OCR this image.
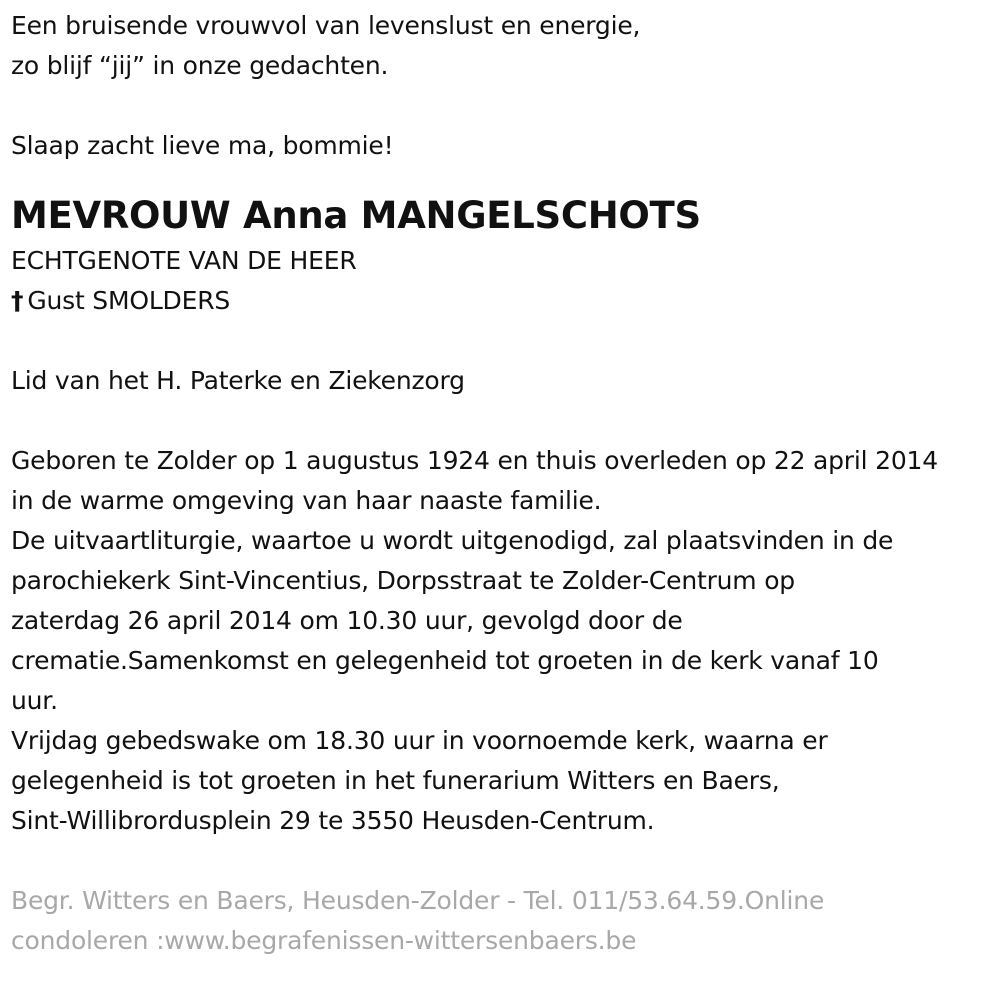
Een bruisende vrouwvol van levenslust en energie,
zo blijf “jij” in onze gedachten.
Slaap zacht lieve ma, bommie!
MEVROUW Anna MANGELSCHOTS
ECHTGENOTE VAN DE HEER
† Gust SMOLDERS
Lid van het H. Paterke en Ziekenzorg
Geboren te Zolder op 1 augustus 1924 en thuis overleden op 22 april 2014
in de warme omgeving van haar naaste familie.
De uitvaartliturgie, waartoe u wordt uitgenodigd, zal plaatsvinden in de
parochiekerk Sint-Vincentius, Dorpsstraat te Zolder-Centrum op
zaterdag 26 april 2014 om 10.30 uur, gevolgd door de
crematie.Samenkomst en gelegenheid tot groeten in de kerk vanaf 10
uur.
Vrijdag gebedswake om 18.30 uur in voornoemde kerk, waarna er
gelegenheid is tot groeten in het funerarium Witters en Baers,
Sint-Willibrordusplein 29 te 3550 Heusden-Centrum.
Begr. Witters en Baers, Heusden-Zolder - Tel. 011/53.64.59.Online
condoleren :www.begrafenissen-wittersenbaers.be
